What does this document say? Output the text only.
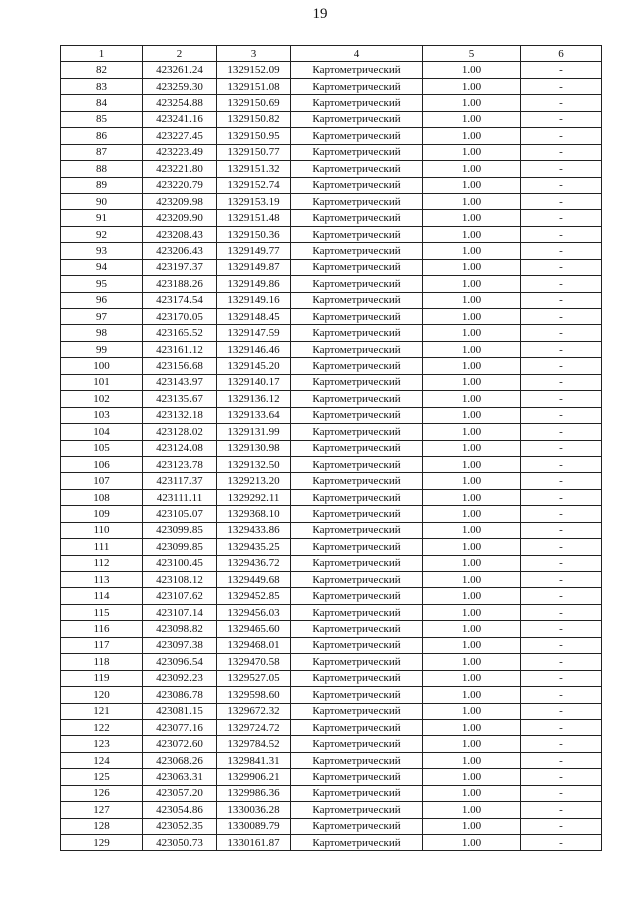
19
1	2	3	4	5	6
82	423261.24	1329152.09	Картометрический	1.00	-
83	423259.30	1329151.08	Картометрический	1.00	-
84	423254.88	1329150.69	Картометрический	1.00	-
85	423241.16	1329150.82	Картометрический	1.00	-
86	423227.45	1329150.95	Картометрический	1.00	-
87	423223.49	1329150.77	Картометрический	1.00	-
88	423221.80	1329151.32	Картометрический	1.00	-
89	423220.79	1329152.74	Картометрический	1.00	-
90	423209.98	1329153.19	Картометрический	1.00	-
91	423209.90	1329151.48	Картометрический	1.00	-
92	423208.43	1329150.36	Картометрический	1.00	-
93	423206.43	1329149.77	Картометрический	1.00	-
94	423197.37	1329149.87	Картометрический	1.00	-
95	423188.26	1329149.86	Картометрический	1.00	-
96	423174.54	1329149.16	Картометрический	1.00	-
97	423170.05	1329148.45	Картометрический	1.00	-
98	423165.52	1329147.59	Картометрический	1.00	-
99	423161.12	1329146.46	Картометрический	1.00	-
100	423156.68	1329145.20	Картометрический	1.00	-
101	423143.97	1329140.17	Картометрический	1.00	-
102	423135.67	1329136.12	Картометрический	1.00	-
103	423132.18	1329133.64	Картометрический	1.00	-
104	423128.02	1329131.99	Картометрический	1.00	-
105	423124.08	1329130.98	Картометрический	1.00	-
106	423123.78	1329132.50	Картометрический	1.00	-
107	423117.37	1329213.20	Картометрический	1.00	-
108	423111.11	1329292.11	Картометрический	1.00	-
109	423105.07	1329368.10	Картометрический	1.00	-
110	423099.85	1329433.86	Картометрический	1.00	-
111	423099.85	1329435.25	Картометрический	1.00	-
112	423100.45	1329436.72	Картометрический	1.00	-
113	423108.12	1329449.68	Картометрический	1.00	-
114	423107.62	1329452.85	Картометрический	1.00	-
115	423107.14	1329456.03	Картометрический	1.00	-
116	423098.82	1329465.60	Картометрический	1.00	-
117	423097.38	1329468.01	Картометрический	1.00	-
118	423096.54	1329470.58	Картометрический	1.00	-
119	423092.23	1329527.05	Картометрический	1.00	-
120	423086.78	1329598.60	Картометрический	1.00	-
121	423081.15	1329672.32	Картометрический	1.00	-
122	423077.16	1329724.72	Картометрический	1.00	-
123	423072.60	1329784.52	Картометрический	1.00	-
124	423068.26	1329841.31	Картометрический	1.00	-
125	423063.31	1329906.21	Картометрический	1.00	-
126	423057.20	1329986.36	Картометрический	1.00	-
127	423054.86	1330036.28	Картометрический	1.00	-
128	423052.35	1330089.79	Картометрический	1.00	-
129	423050.73	1330161.87	Картометрический	1.00	-
